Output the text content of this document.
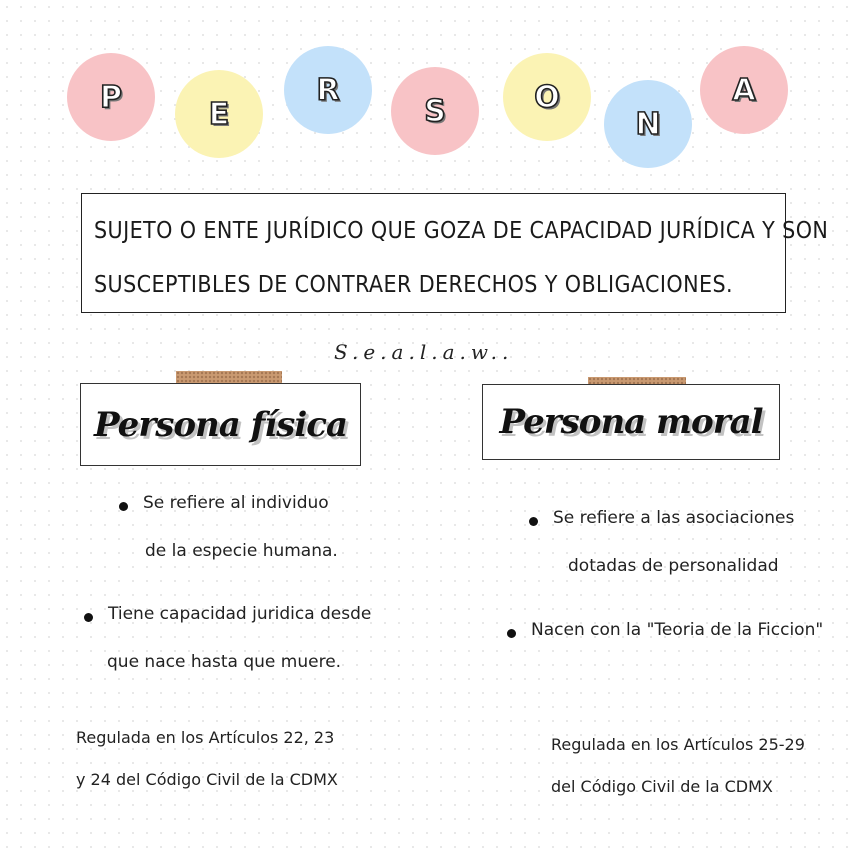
P	E
R
S	O
N
A
SUJETO O ENTE JURÍDICO QUE GOZA DE CAPACIDAD JURÍDICA Y SON
SUSCEPTIBLES DE CONTRAER DERECHOS Y OBLIGACIONES.
S.e.a.l.a.w..
Persona física
Se refiere al individuo
de la especie humana.
Tiene capacidad juridica desde
que nace hasta que muere.
Regulada en los Artículos 22, 23
y 24 del Código Civil de la CDMX
Persona moral
Se refiere a las asociaciones
dotadas de personalidad
Nacen con la "Teoria de la Ficcion"
Regulada en los Artículos 25-29
del Código Civil de la CDMX
